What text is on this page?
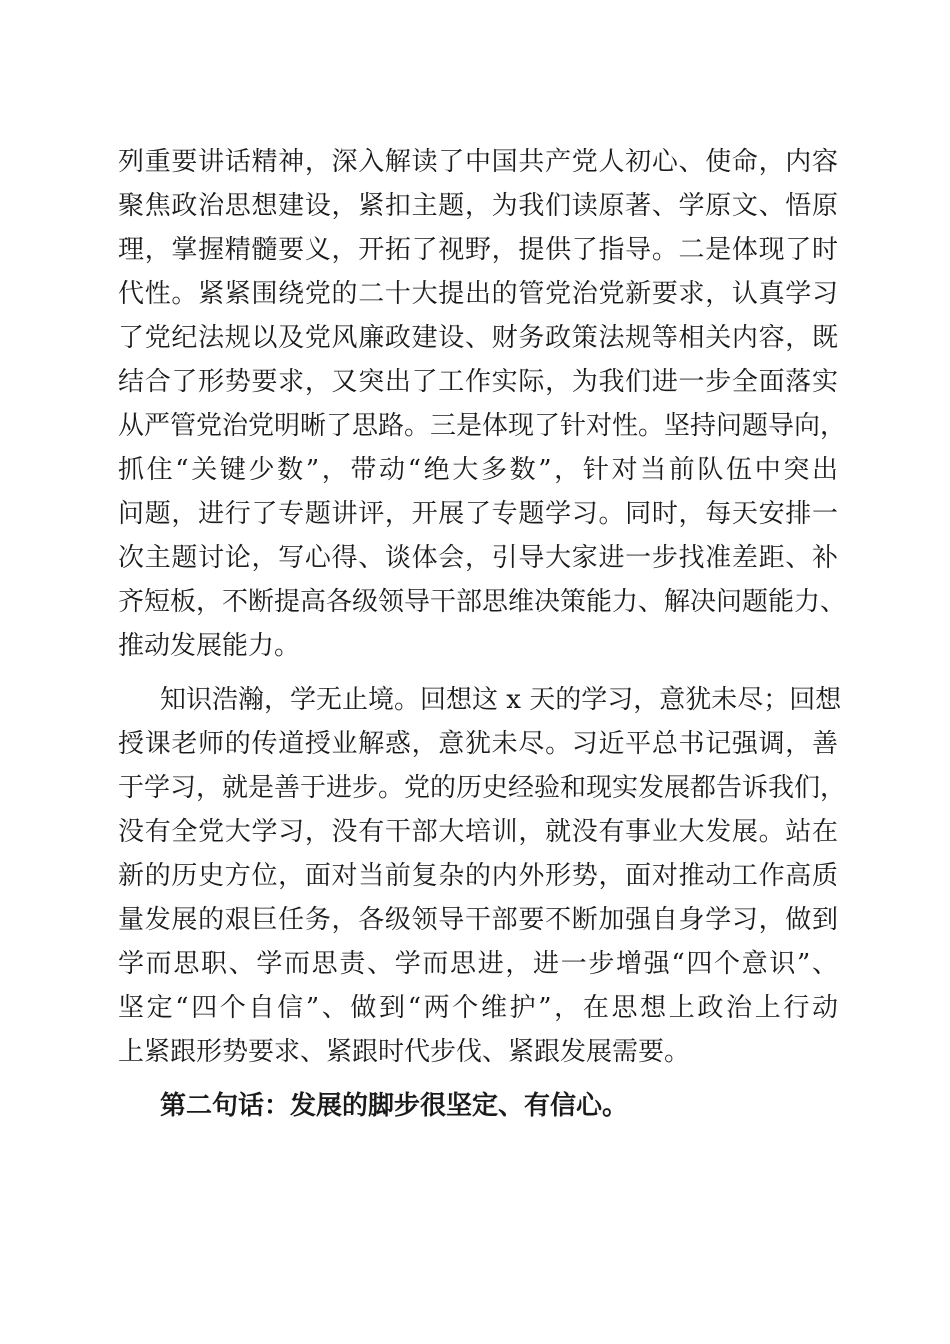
列重要讲话精神，深入解读了中国共产党人初心、使命，内容
聚焦政治思想建设，紧扣主题，为我们读原著、学原文、悟原
理，掌握精髓要义，开拓了视野，提供了指导。二是体现了时
代性。紧紧围绕党的二十大提出的管党治党新要求，认真学习
了党纪法规以及党风廉政建设、财务政策法规等相关内容，既
结合了形势要求，又突出了工作实际，为我们进一步全面落实
从严管党治党明晰了思路。三是体现了针对性。坚持问题导向，
抓住“关键少数”，带动“绝大多数”，针对当前队伍中突出
问题，进行了专题讲评，开展了专题学习。同时，每天安排一
次主题讨论，写心得、谈体会，引导大家进一步找准差距、补
齐短板，不断提高各级领导干部思维决策能力、解决问题能力、
推动发展能力。
知识浩瀚，学无止境。回想这 x 天的学习，意犹未尽；回想
授课老师的传道授业解惑，意犹未尽。习近平总书记强调，善
于学习，就是善于进步。党的历史经验和现实发展都告诉我们，
没有全党大学习，没有干部大培训，就没有事业大发展。站在
新的历史方位，面对当前复杂的内外形势，面对推动工作高质
量发展的艰巨任务，各级领导干部要不断加强自身学习，做到
学而思职、学而思责、学而思进，进一步增强“四个意识”、
坚定“四个自信”、做到“两个维护”，在思想上政治上行动
上紧跟形势要求、紧跟时代步伐、紧跟发展需要。
第二句话：发展的脚步很坚定、有信心。
